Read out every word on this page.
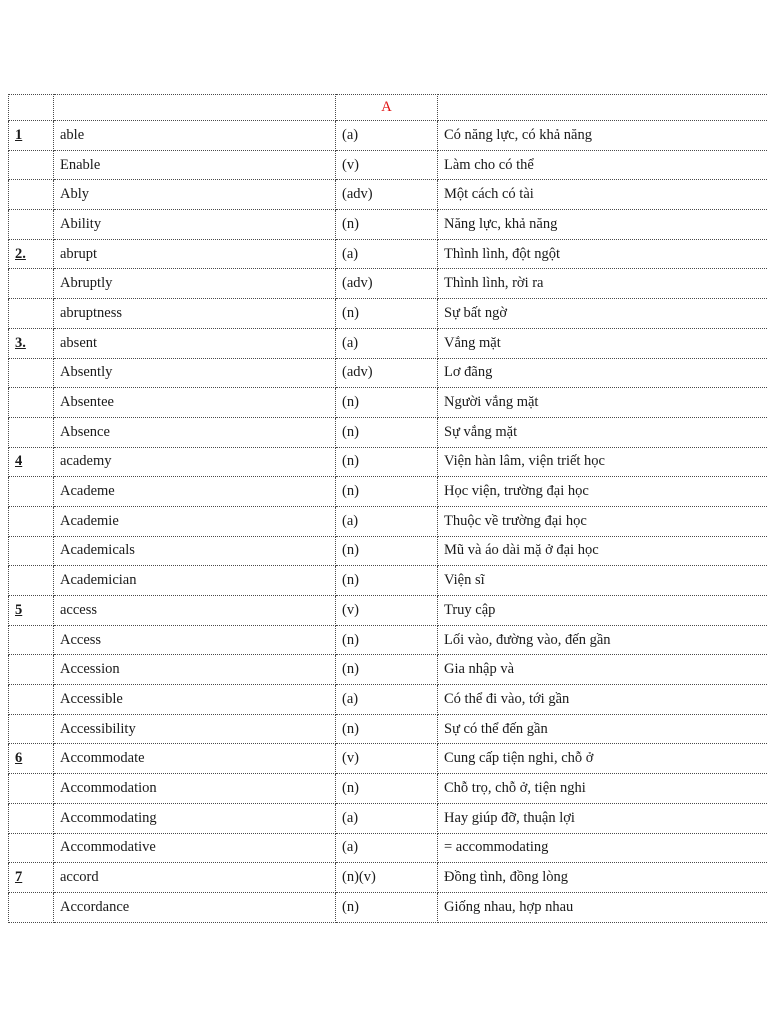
		A	
1	able	(a)	Có năng lực, có khả năng
	Enable	(v)	Làm cho có thể
	Ably	(adv)	Một cách có tài
	Ability	(n)	Năng lực, khả năng
2.	abrupt	(a)	Thình lình, đột ngột
	Abruptly	(adv)	Thình lình, rời ra
	abruptness	(n)	Sự bất ngờ
3.	absent	(a)	Vắng mặt
	Absently	(adv)	Lơ đãng
	Absentee	(n)	Người vắng mặt
	Absence	(n)	Sự vắng mặt
4	academy	(n)	Viện hàn lâm, viện triết học
	Academe	(n)	Học viện, trường đại học
	Academie	(a)	Thuộc về trường đại học
	Academicals	(n)	Mũ và áo dài mặ ở đại học
	Academician	(n)	Viện sĩ
5	access	(v)	Truy cập
	Access	(n)	Lối vào, đường vào, đến gần
	Accession	(n)	Gia nhập và
	Accessible	(a)	Có thể đi vào, tới gần
	Accessibility	(n)	Sự có thể đến gần
6	Accommodate	(v)	Cung cấp tiện nghi, chỗ ở
	Accommodation	(n)	Chỗ trọ, chỗ ở, tiện nghi
	Accommodating	(a)	Hay giúp đỡ, thuận lợi
	Accommodative	(a)	= accommodating
7	accord	(n)(v)	Đồng tình, đồng lòng
	Accordance	(n)	Giống nhau, hợp nhau
